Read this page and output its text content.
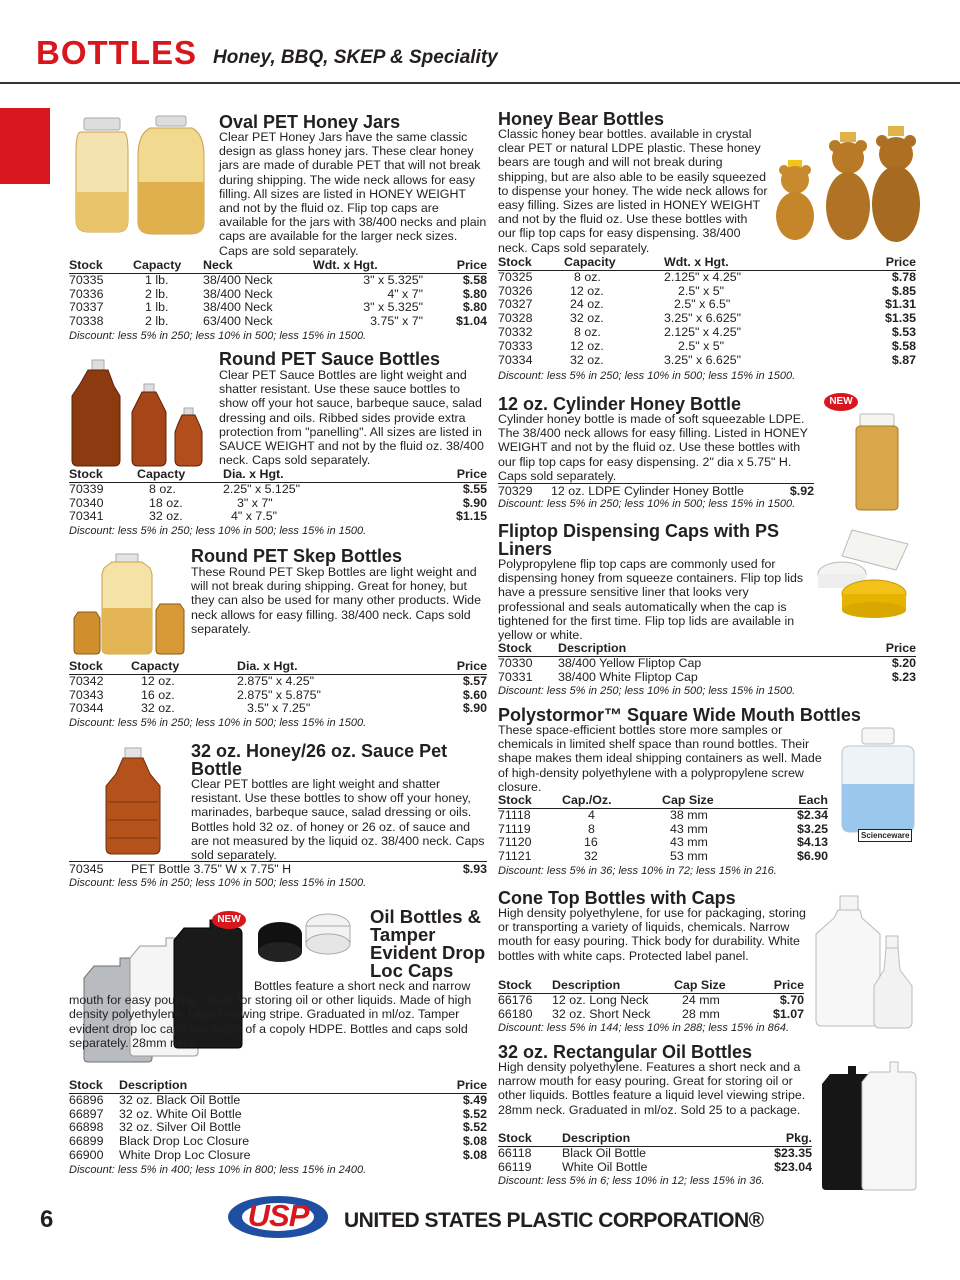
BOTTLES Honey, BBQ, SKEP & Speciality
Oval PET Honey Jars

Clear PET Honey Jars have the same classic design as glass honey jars. These clear honey jars are made of durable PET that will not break during shipping. The wide neck allows for easy filling. All sizes are listed in HONEY WEIGHT and not by the fluid oz. Flip top caps are available for the jars with 38/400 necks and plain caps are available for the larger neck sizes. Caps are sold separately.

Stock	Capacty	Neck	Wdt. x Hgt.	Price
70335	1 lb.	38/400 Neck	3" x 5.325"	$.58
70336	2 lb.	38/400 Neck	4" x 7"	$.80
70337	1 lb.	38/400 Neck	3" x 5.325"	$.80
70338	2 lb.	63/400 Neck	3.75" x 7"	$1.04
Discount: less 5% in 250; less 10% in 500; less 15% in 1500.
Round PET Sauce Bottles

Clear PET Sauce Bottles are light weight and shatter resistant. Use these sauce bottles to show off your hot sauce, barbeque sauce, salad dressing and oils. Ribbed sides provide extra protection from "panelling". All sizes are listed in SAUCE WEIGHT and not by the fluid oz. 38/400 neck. Caps sold separately.

Stock	Capacty	Dia. x Hgt.	Price
70339	8 oz.	2.25" x 5.125"	$.55
70340	18 oz.	3" x 7"	$.90
70341	32 oz.	4" x 7.5"	$1.15
Discount: less 5% in 250; less 10% in 500; less 15% in 1500.
Round PET Skep Bottles

These Round PET Skep Bottles are light weight and will not break during shipping. Great for honey, but they can also be used for many other products. Wide neck allows for easy filling. 38/400 neck. Caps sold separately.

Stock	Capacty	Dia. x Hgt.	Price
70342	12 oz.	2.875" x 4.25"	$.57
70343	16 oz.	2.875" x 5.875"	$.60
70344	32 oz.	3.5" x 7.25"	$.90
Discount: less 5% in 250; less 10% in 500; less 15% in 1500.
32 oz. Honey/26 oz. Sauce Pet Bottle

Clear PET bottles are light weight and shatter resistant. Use these bottles to show off your honey, marinades, barbeque sauce, salad dressing or oils. Bottles hold 32 oz. of honey or 26 oz. of sauce and are not measured by the liquid oz. 38/400 neck. Caps sold separately.

70345 PET Bottle 3.75" W x 7.75" H	$.93
Discount: less 5% in 250; less 10% in 500; less 15% in 1500.
NEW	Oil Bottles & Tamper Evident Drop Loc Caps

Bottles feature a short neck and narrow mouth for easy pouring. Great for storing oil or other liquids. Made of high density polyethylene. Liquid viewing stripe. Graduated in ml/oz. Tamper evident drop loc caps are made of a copoly HDPE. Bottles and caps sold separately. 28mm neck.

Stock	Description	Price
66896	32 oz. Black Oil Bottle	$.49
66897	32 oz. White Oil Bottle	$.52
66898	32 oz. Silver Oil Bottle	$.52
66899	Black Drop Loc Closure	$.08
66900	White Drop Loc Closure	$.08
Discount: less 5% in 400; less 10% in 800; less 15% in 2400.
Honey Bear Bottles

Classic honey bear bottles. available in crystal clear PET or natural LDPE plastic. These honey bears are tough and will not break during shipping, but are also able to be easily squeezed to dispense your honey. The wide neck allows for easy filling. Sizes are listed in HONEY WEIGHT and not by the fluid oz. Use these bottles with our flip top caps for easy dispensing. 38/400 neck. Caps sold separately.

Stock	Capacity	Wdt. x Hgt.	Price
70325	8 oz.	2.125" x 4.25"	$.78
70326	12 oz.	2.5" x 5"	$.85
70327	24 oz.	2.5" x 6.5"	$1.31
70328	32 oz.	3.25" x 6.625"	$1.35
70332	8 oz.	2.125" x 4.25"	$.53
70333	12 oz.	2.5" x 5"	$.58
70334	32 oz.	3.25" x 6.625"	$.87
Discount: less 5% in 250; less 10% in 500; less 15% in 1500.
12 oz. Cylinder Honey Bottle	NEW

Cylinder honey bottle is made of soft squeezable LDPE. The 38/400 neck allows for easy filling. Listed in HONEY WEIGHT and not by the fluid oz. Use these bottles with our flip top caps for easy dispensing. 2" dia x 5.75" H. Caps sold separately.

70329 12 oz. LDPE Cylinder Honey Bottle	$.92
Discount: less 5% in 250; less 10% in 500; less 15% in 1500.
Fliptop Dispensing Caps with PS Liners

Polypropylene flip top caps are commonly used for dispensing honey from squeeze containers. Flip top lids have a pressure sensitive liner that looks very professional and seals automatically when the cap is tightened for the first time. Flip top lids are available in yellow or white.

Stock	Description	Price
70330	38/400 Yellow Fliptop Cap	$.20
70331	38/400 White Fliptop Cap	$.23
Discount: less 5% in 250; less 10% in 500; less 15% in 1500.
Polystormor™ Square Wide Mouth Bottles

These space-efficient bottles store more samples or chemicals in limited shelf space than round bottles. Their shape makes them ideal shipping containers as well. Made of high-density polyethylene with a polypropylene screw closure.

Scienceware
Stock	Cap./Oz.	Cap Size	Each
71118	4	38 mm	$2.34
71119	8	43 mm	$3.25
71120	16	43 mm	$4.13
71121	32	53 mm	$6.90
Discount: less 5% in 36; less 10% in 72; less 15% in 216.
Cone Top Bottles with Caps

High density polyethylene, for use for packaging, storing or transporting a variety of liquids, chemicals. Narrow mouth for easy pouring. Thick body for durability. White bottles with white caps. Protected label panel.

Stock	Description	Cap Size	Price
66176	12 oz. Long Neck	24 mm	$.70
66180	32 oz. Short Neck	28 mm	$1.07
Discount: less 5% in 144; less 10% in 288; less 15% in 864.
32 oz. Rectangular Oil Bottles

High density polyethylene. Features a short neck and a narrow mouth for easy pouring. Great for storing oil or other liquids. Bottles feature a liquid level viewing stripe. 28mm neck. Graduated in ml/oz. Sold 25 to a package.

Stock	Description	Pkg.
66118	Black Oil Bottle	$23.35
66119	White Oil Bottle	$23.04
Discount: less 5% in 6; less 10% in 12; less 15% in 36.
6	USP	UNITED STATES PLASTIC CORPORATION®
